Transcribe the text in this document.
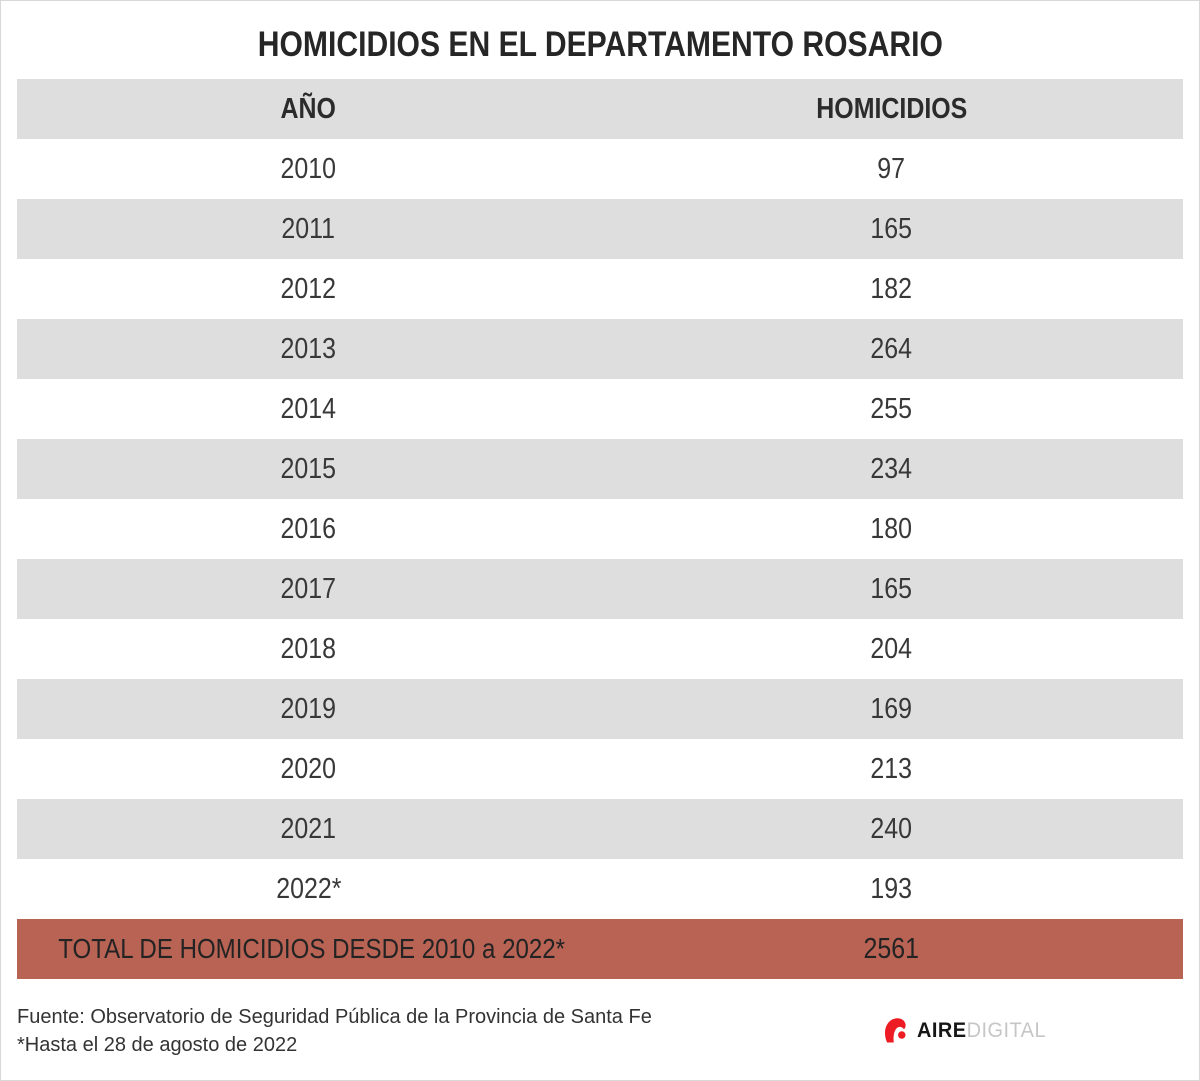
HOMICIDIOS EN EL DEPARTAMENTO ROSARIO
AÑO	HOMICIDIOS
2010	97
2011	165
2012	182
2013	264
2014	255
2015	234
2016	180
2017	165
2018	204
2019	169
2020	213
2021	240
2022*	193
TOTAL DE HOMICIDIOS DESDE 2010 a 2022*	2561
Fuente: Observatorio de Seguridad Pública de la Provincia de Santa Fe
*Hasta el 28 de agosto de 2022
AIREDIGITAL
